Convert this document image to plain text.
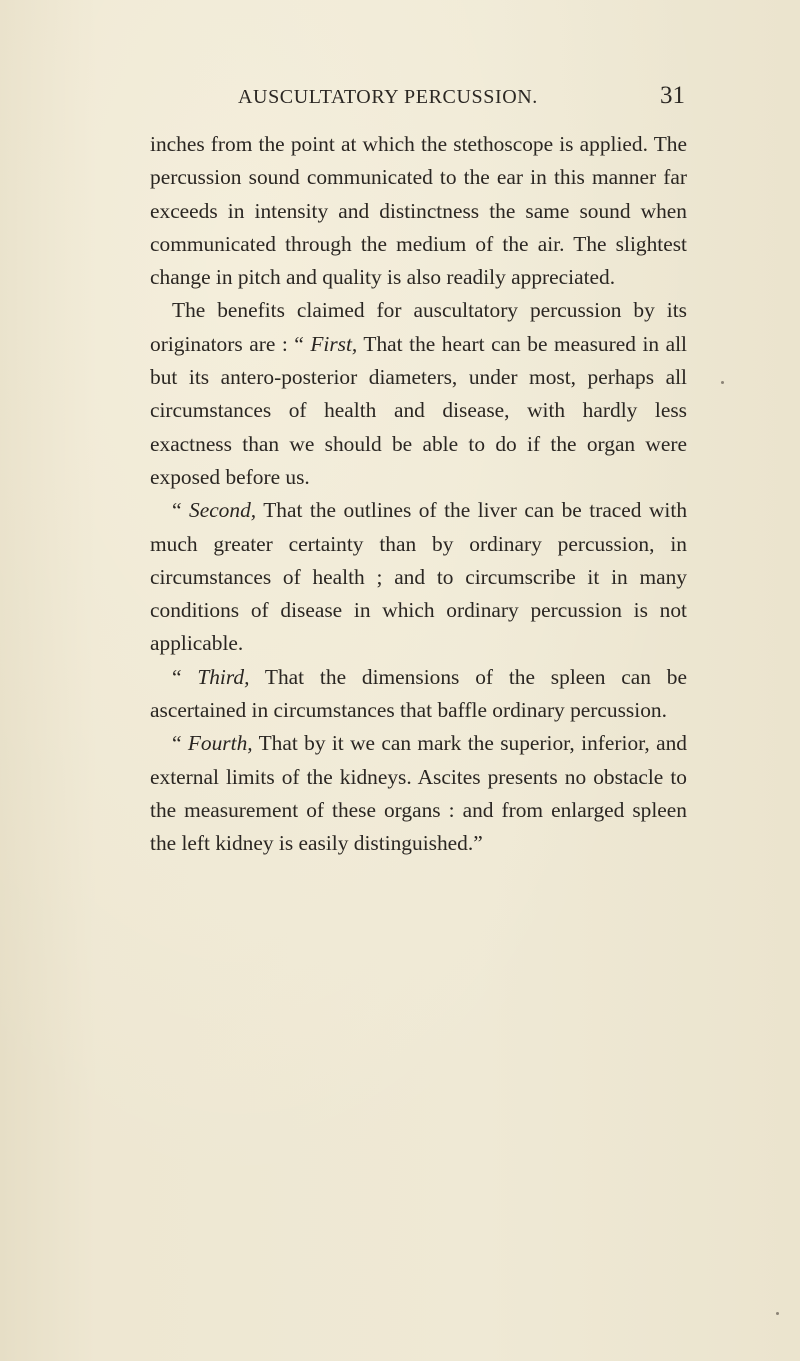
AUSCULTATORY PERCUSSION.	31

inches from the point at which the stethoscope is applied. The percussion sound communicated to the ear in this manner far exceeds in intensity and distinctness the same sound when communicated through the medium of the air. The slightest change in pitch and quality is also readily appreciated.

The benefits claimed for auscultatory percussion by its originators are : “ First, That the heart can be measured in all but its antero-posterior diameters, under most, perhaps all circumstances of health and disease, with hardly less exactness than we should be able to do if the organ were exposed before us.

“ Second, That the outlines of the liver can be traced with much greater certainty than by ordinary percussion, in circumstances of health ; and to circumscribe it in many conditions of disease in which ordinary percussion is not applicable.

“ Third, That the dimensions of the spleen can be ascertained in circumstances that baffle ordinary percussion.

“ Fourth, That by it we can mark the superior, inferior, and external limits of the kidneys. Ascites presents no obstacle to the measurement of these organs : and from enlarged spleen the left kidney is easily distinguished.”
